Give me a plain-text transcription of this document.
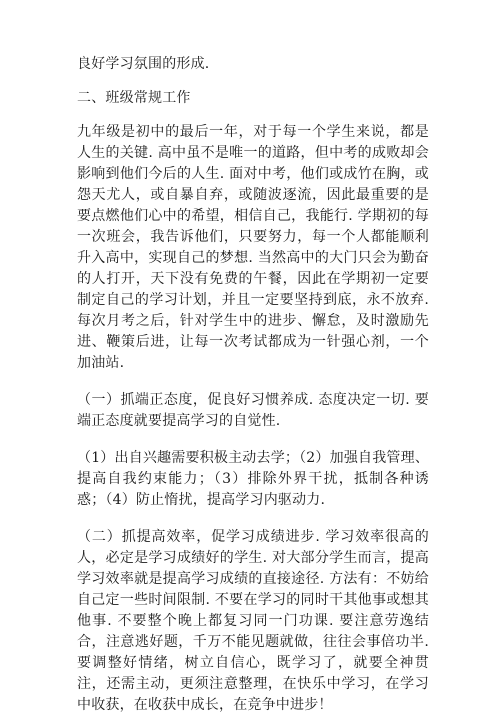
良好学习氛围的形成.

二、班级常规工作

九年级是初中的最后一年，对于每一个学生来说，都是人生的关键. 高中虽不是唯一的道路，但中考的成败却会影响到他们今后的人生. 面对中考，他们或成竹在胸，或怨天尤人，或自暴自弃，或随波逐流，因此最重要的是要点燃他们心中的希望，相信自己，我能行. 学期初的每一次班会，我告诉他们，只要努力，每一个人都能顺利升入高中，实现自己的梦想. 当然高中的大门只会为勤奋的人打开，天下没有免费的午餐，因此在学期初一定要制定自己的学习计划，并且一定要坚持到底，永不放弃. 每次月考之后，针对学生中的进步、懈怠，及时激励先进、鞭策后进，让每一次考试都成为一针强心剂，一个加油站.

（一）抓端正态度，促良好习惯养成. 态度决定一切. 要端正态度就要提高学习的自觉性.

（1）出自兴趣需要积极主动去学；（2）加强自我管理、提高自我约束能力；（3）排除外界干扰，抵制各种诱惑；（4）防止惰扰，提高学习内驱动力.

（二）抓提高效率，促学习成绩进步. 学习效率很高的人，必定是学习成绩好的学生. 对大部分学生而言，提高学习效率就是提高学习成绩的直接途径. 方法有：不妨给自己定一些时间限制. 不要在学习的同时干其他事或想其他事. 不要整个晚上都复习同一门功课. 要注意劳逸结合，注意逃好题，千万不能见题就做，往往会事倍功半. 要调整好情绪，树立自信心，既学习了，就要全神贯注，还需主动，更须注意整理，在快乐中学习，在学习中收获，在收获中成长，在竞争中进步！
